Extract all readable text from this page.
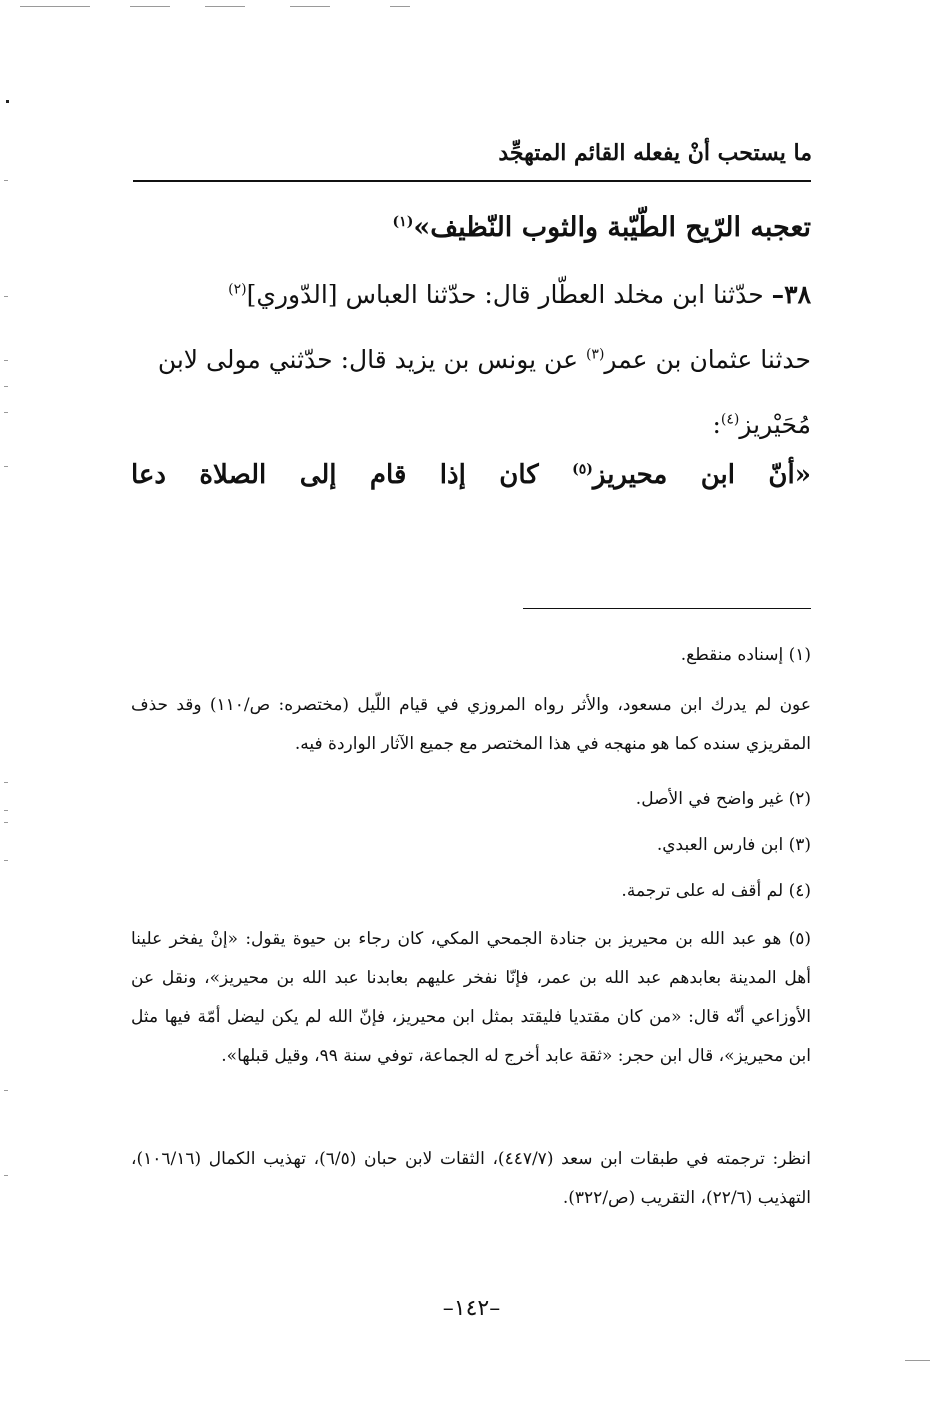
ما يستحب أنْ يفعله القائم المتهجِّد
تعجبه الرّيح الطّيّبة والثوب النّظيف»$^{(١)}$
٣٨– حدّثنا ابن مخلد العطّار قال: حدّثنا العباس [الدّوري]$^{(٢)}$
حدثنا عثمان بن عمر$^{(٣)}$ عن يونس بن يزيد قال: حدّثني مولى لابن
مُحَيْريز$^{(٤)}$:
«أنّ ابن محيريز$^{(٥)}$ كان إذا قام إلى الصلاة دعا
(١) إسناده منقطع.
عون لم يدرك ابن مسعود، والأثر رواه المروزي في قيام اللّيل (مختصره: ص/١١٠) وقد حذف المقريزي سنده كما هو منهجه في هذا المختصر مع جميع الآثار الواردة فيه.
(٢) غير واضح في الأصل.
(٣) ابن فارس العبدي.
(٤) لم أقف له على ترجمة.
(٥) هو عبد الله بن محيريز بن جنادة الجمحي المكي، كان رجاء بن حيوة يقول: «إنْ يفخر علينا أهل المدينة بعابدهم عبد الله بن عمر، فإنّا نفخر عليهم بعابدنا عبد الله بن محيريز»، ونقل عن الأوزاعي أنّه قال: «من كان مقتديا فليقتد بمثل ابن محيريز، فإنّ الله لم يكن ليضل أمّة فيها مثل ابن محيريز»، قال ابن حجر: «ثقة عابد أخرج له الجماعة، توفي سنة ٩٩، وقيل قبلها».
انظر: ترجمته في طبقات ابن سعد (٤٤٧/٧)، الثقات لابن حبان (٦/٥)، تهذيب الكمال (١٠٦/١٦)، التهذيب (٢٢/٦)، التقريب (ص/٣٢٢).
–١٤٢–
